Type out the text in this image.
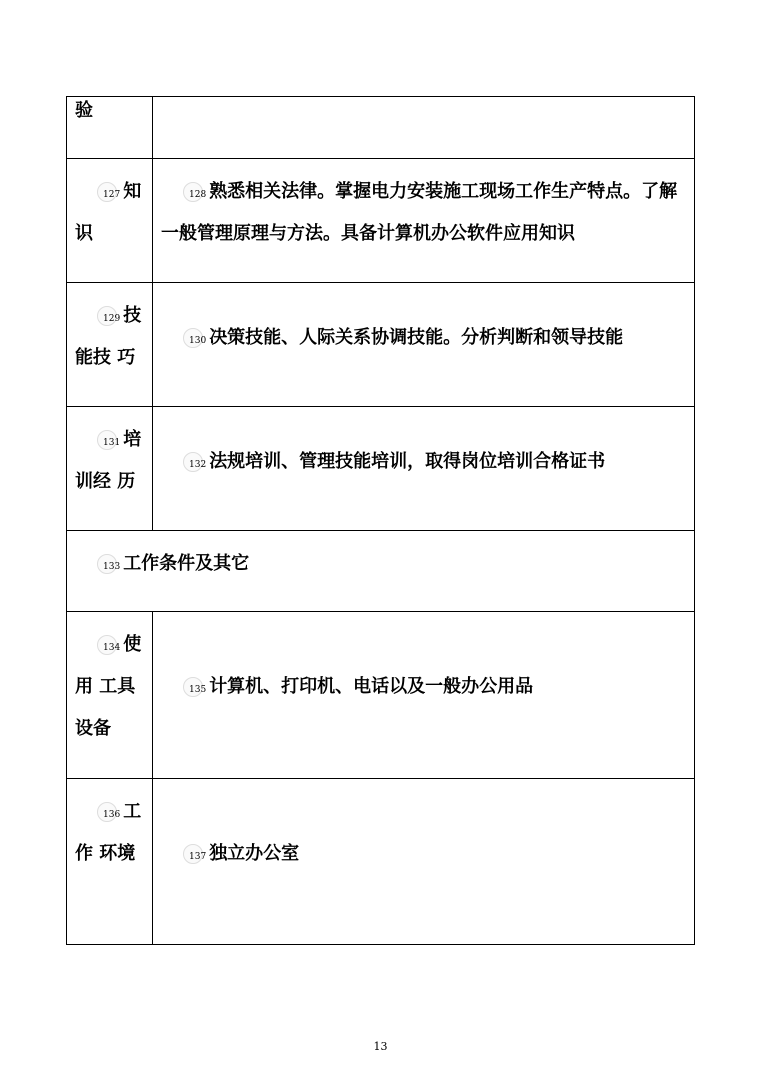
验	

127 知识	128 熟悉相关法律。掌握电力安装施工现场工作生产特点。了解一般管理原理与方法。具备计算机办公软件应用知识

129 技能技 巧	130 决策技能、人际关系协调技能。分析判断和领导技能

131 培训经 历	132 法规培训、管理技能培训，取得岗位培训合格证书

133 工作条件及其它	

134 使用 工具设备	135 计算机、打印机、电话以及一般办公用品

136 工作 环境	137 独立办公室
13
